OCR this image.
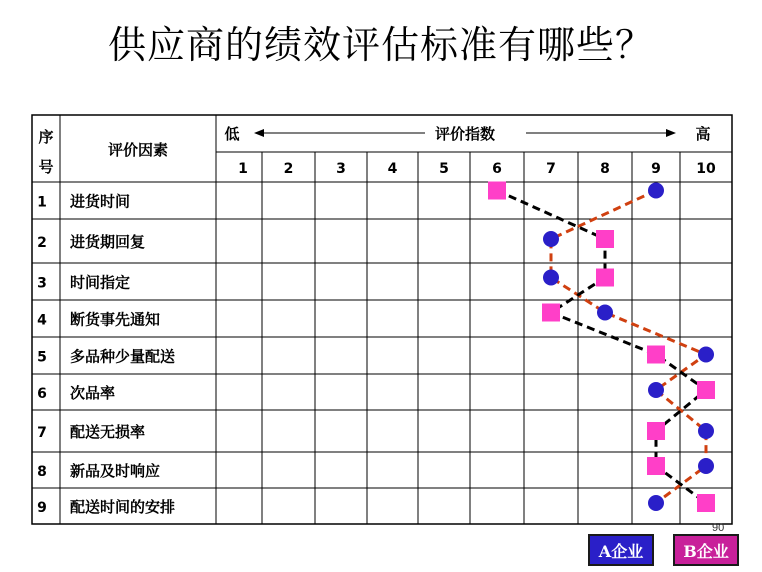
供应商的绩效评估标准有哪些？
序
号
评价因素
低	评价指数	高
1	2	3	4	5	6	7	8	9	10
1 进货时间
2 进货期回复
3 时间指定
4 断货事先通知
5 多品种少量配送
6 次品率
7 配送无损率
8 新品及时响应
9 配送时间的安排
90
A企业	B企业
